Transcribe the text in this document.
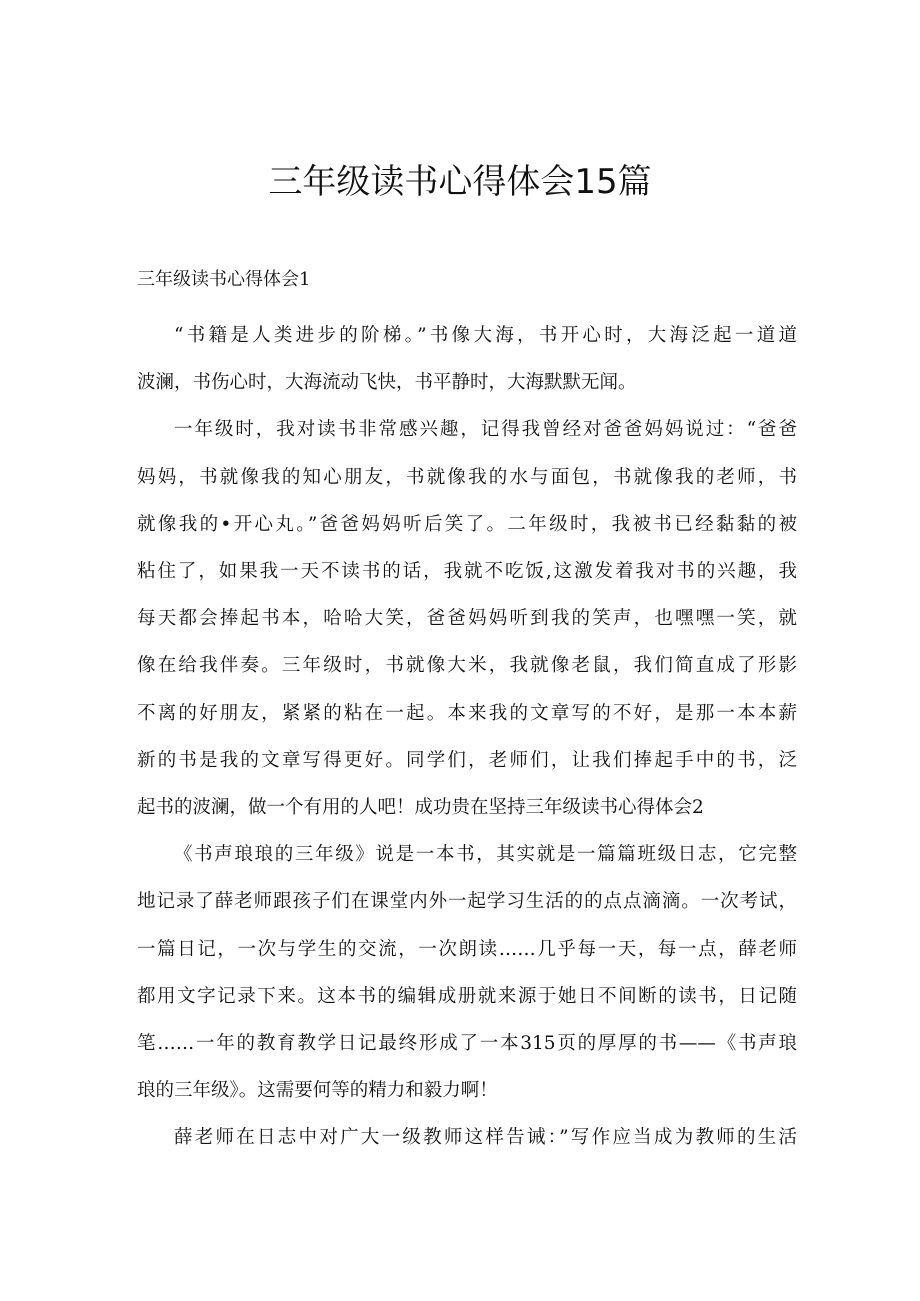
三年级读书心得体会15篇
三年级读书心得体会1
“书籍是人类进步的阶梯。”书像大海，书开心时，大海泛起一道道
波澜，书伤心时，大海流动飞快，书平静时，大海默默无闻。
一年级时，我对读书非常感兴趣，记得我曾经对爸爸妈妈说过：“爸爸
妈妈，书就像我的知心朋友，书就像我的水与面包，书就像我的老师，书
就像我的•开心丸。”爸爸妈妈听后笑了。二年级时，我被书已经黏黏的被
粘住了，如果我一天不读书的话，我就不吃饭,这激发着我对书的兴趣，我
每天都会捧起书本，哈哈大笑，爸爸妈妈听到我的笑声，也嘿嘿一笑，就
像在给我伴奏。三年级时，书就像大米，我就像老鼠，我们简直成了形影
不离的好朋友，紧紧的粘在一起。本来我的文章写的不好，是那一本本薪
新的书是我的文章写得更好。同学们，老师们，让我们捧起手中的书，泛
起书的波澜，做一个有用的人吧！成功贵在坚持三年级读书心得体会2
《书声琅琅的三年级》说是一本书，其实就是一篇篇班级日志，它完整
地记录了薛老师跟孩子们在课堂内外一起学习生活的的点点滴滴。一次考试，
一篇日记，一次与学生的交流，一次朗读……几乎每一天，每一点，薛老师
都用文字记录下来。这本书的编辑成册就来源于她日不间断的读书，日记随
笔……一年的教育教学日记最终形成了一本315页的厚厚的书——《书声琅
琅的三年级》。这需要何等的精力和毅力啊！
薛老师在日志中对广大一级教师这样告诫：”写作应当成为教师的生活
